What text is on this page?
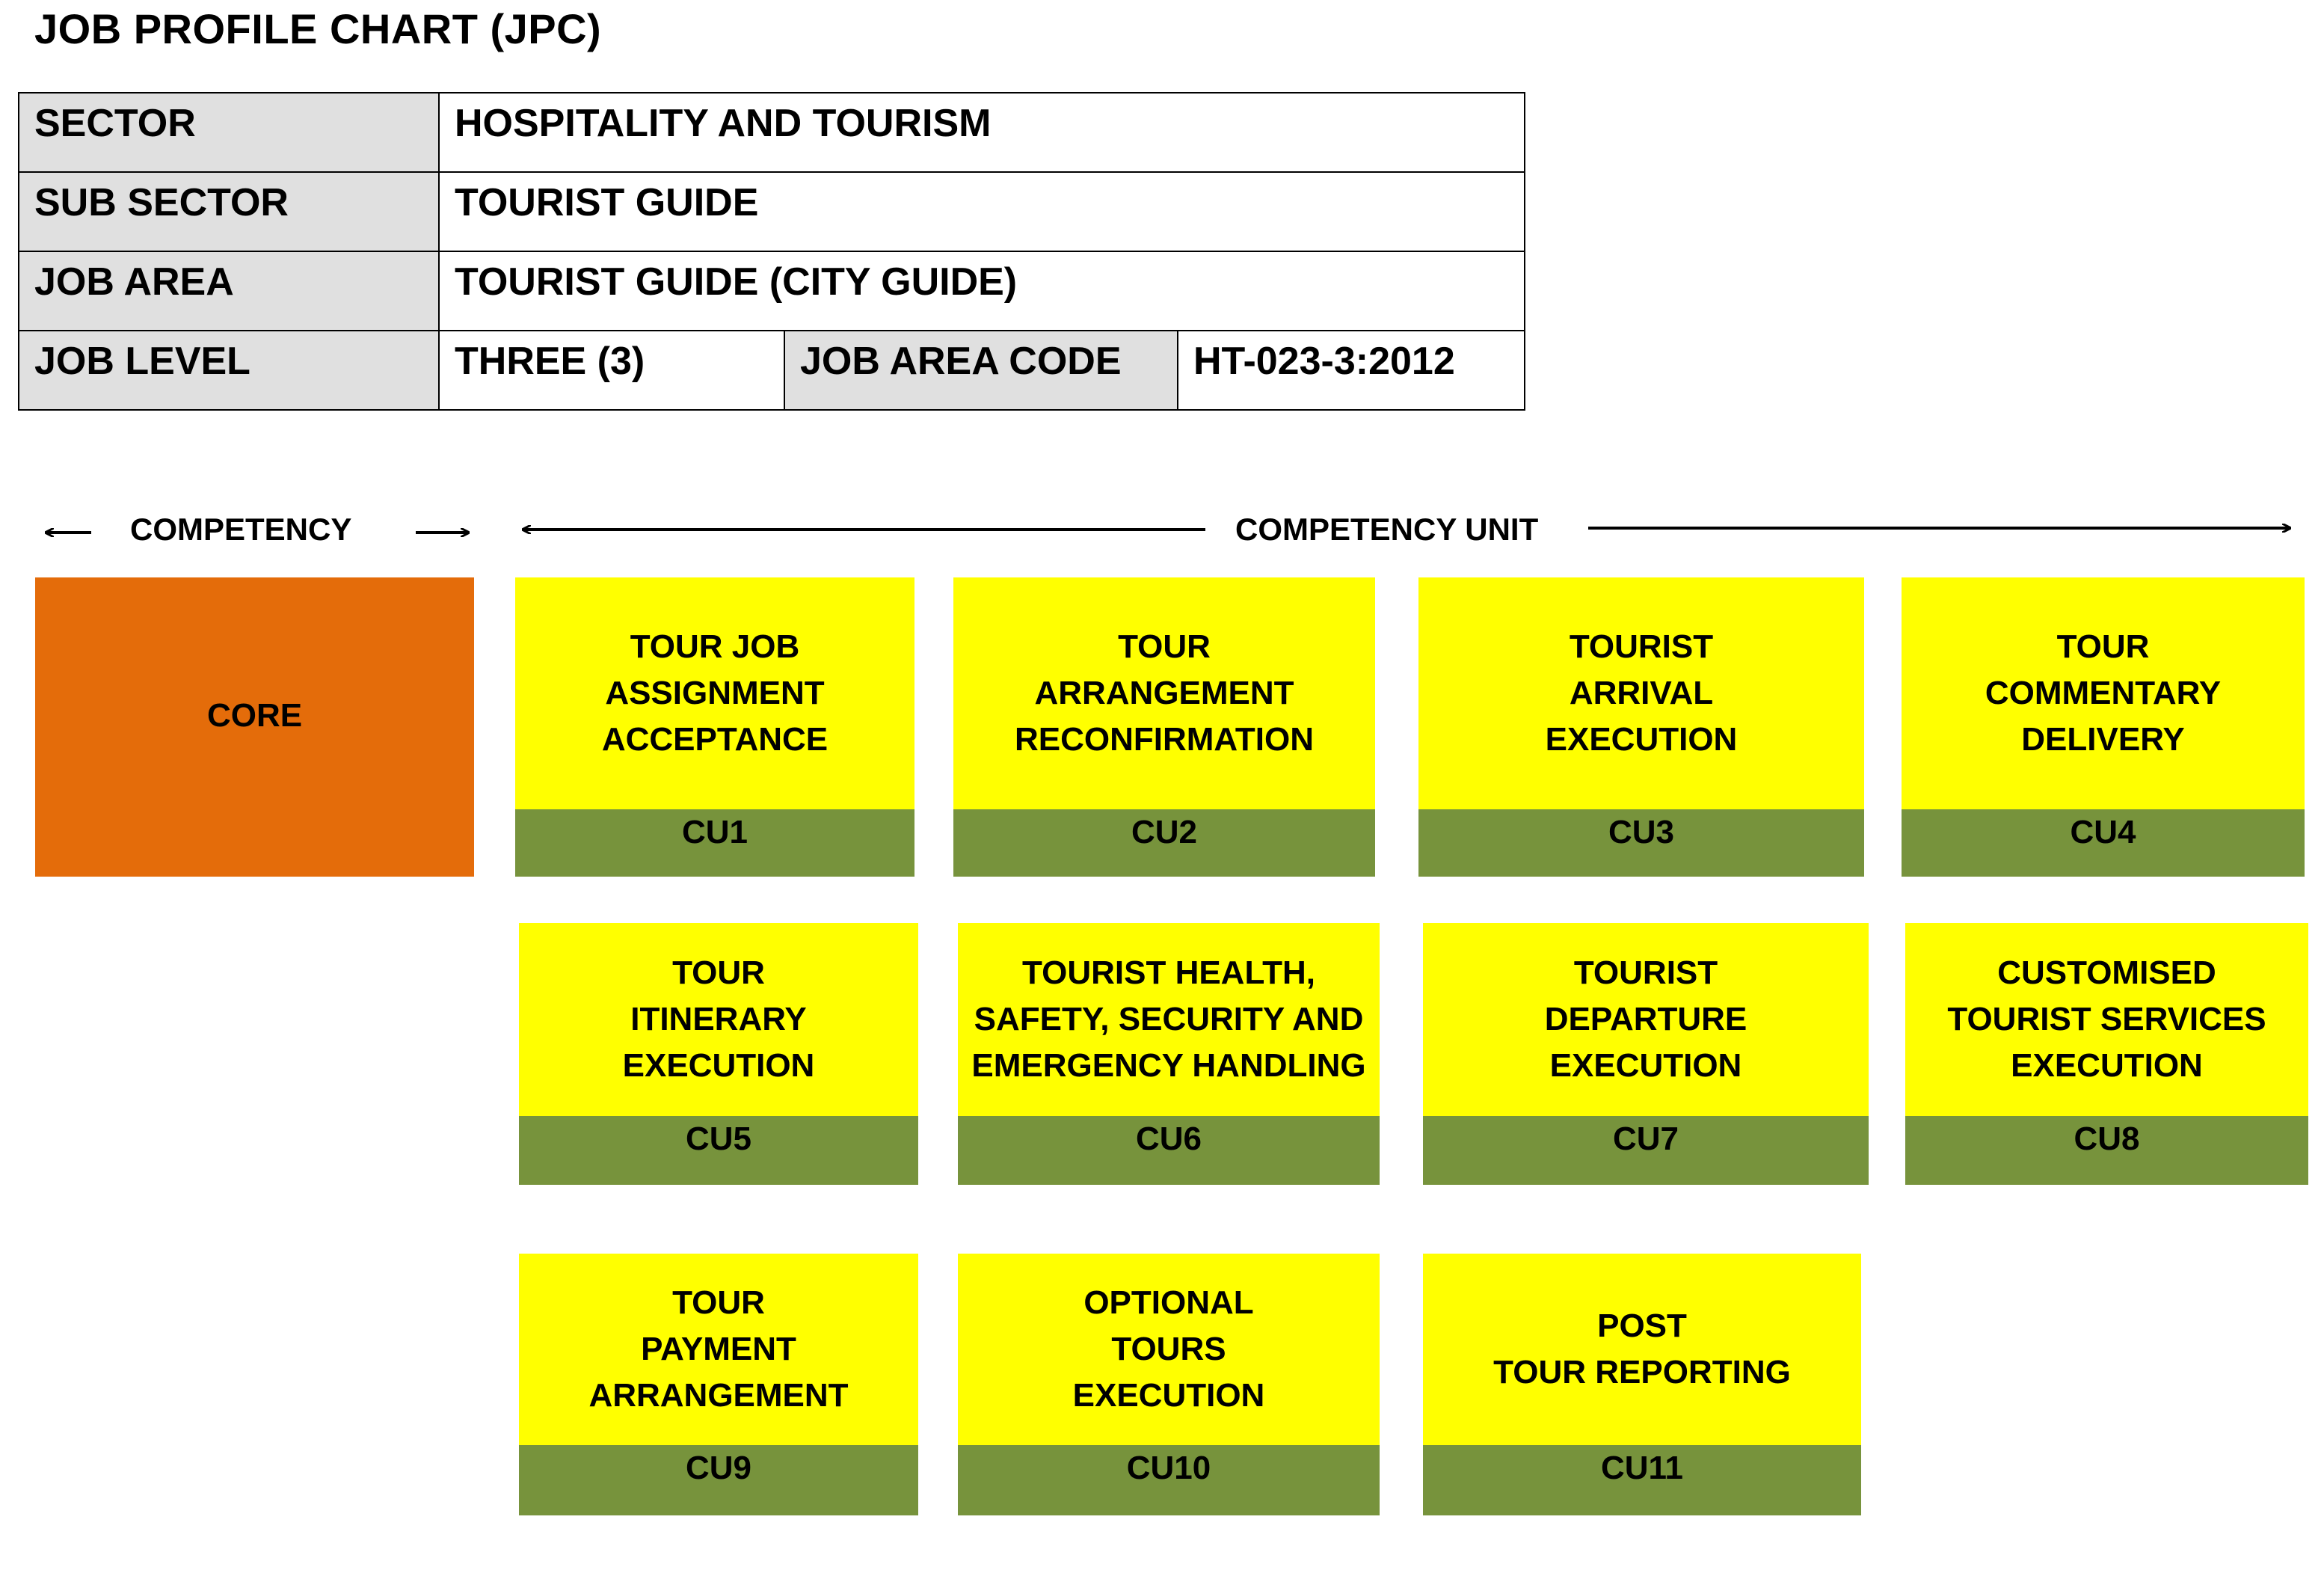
JOB PROFILE CHART (JPC)
SECTOR	HOSPITALITY AND TOURISM		
SUB SECTOR	TOURIST GUIDE		
JOB AREA	TOURIST GUIDE (CITY GUIDE)		
JOB LEVEL	THREE (3)	JOB AREA CODE	HT-023-3:2012
COMPETENCY	COMPETENCY UNIT
CORE
TOUR JOB
ASSIGNMENT
ACCEPTANCE
CU1
TOUR
ARRANGEMENT
RECONFIRMATION
CU2
TOURIST
ARRIVAL
EXECUTION
CU3
TOUR
COMMENTARY
DELIVERY
CU4
TOUR
ITINERARY
EXECUTION
CU5
TOURIST HEALTH,
SAFETY, SECURITY AND
EMERGENCY HANDLING
CU6
TOURIST
DEPARTURE
EXECUTION
CU7
CUSTOMISED
TOURIST SERVICES
EXECUTION
CU8
TOUR
PAYMENT
ARRANGEMENT
CU9
OPTIONAL
TOURS
EXECUTION
CU10
POST
TOUR REPORTING
CU11
